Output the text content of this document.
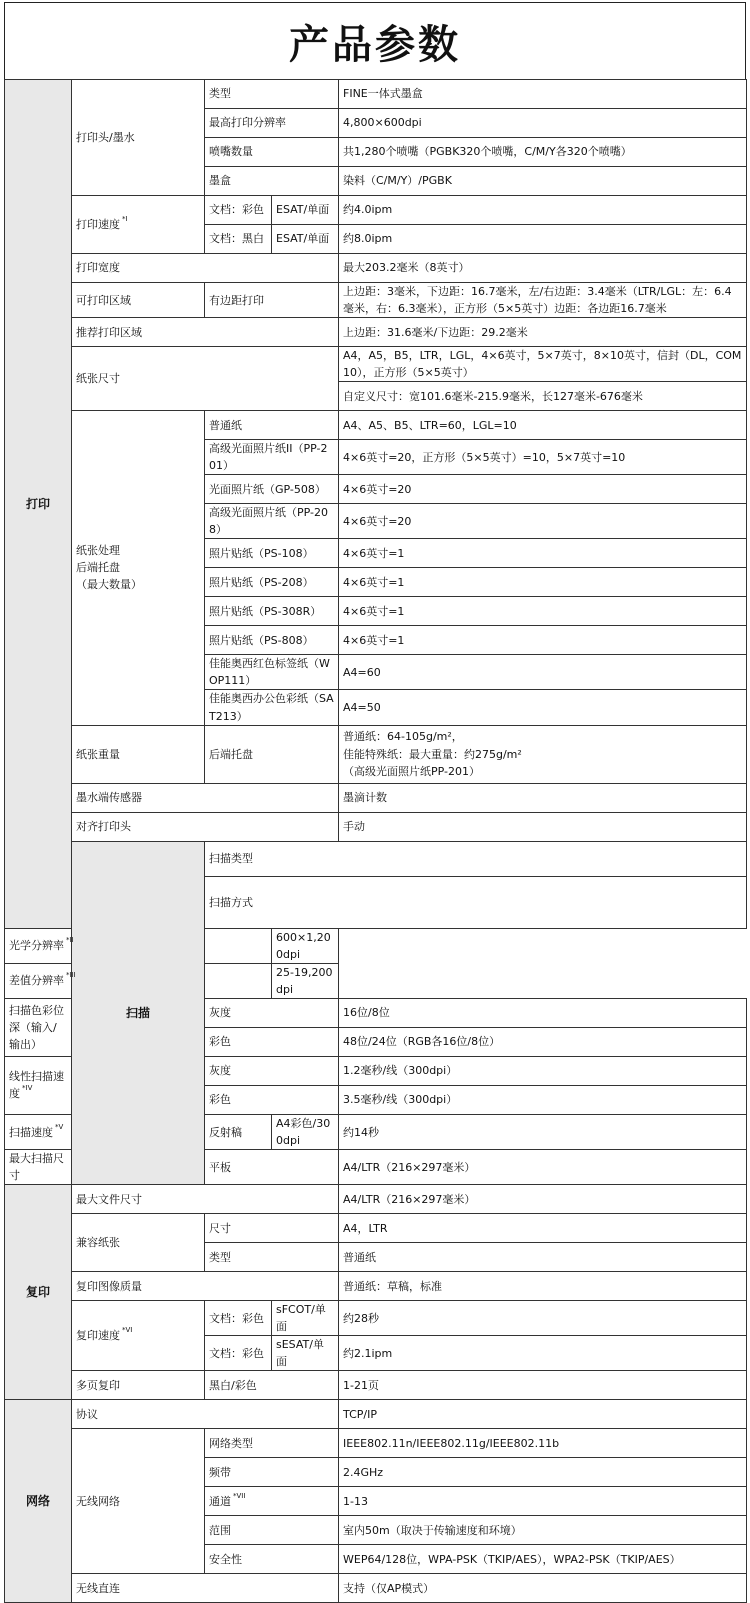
产品参数
打印	打印头/墨水	类型		FINE一体式墨盒	
		最高打印分辨率		4,800×600dpi	
		喷嘴数量		共1,280个喷嘴（PGBK320个喷嘴，C/M/Y各320个喷嘴）	
		墨盒		染料（C/M/Y）/PGBK	
	打印速度 $^{*I}$	文档：彩色	ESAT/单面	约4.0ipm	
		文档：黑白	ESAT/单面	约8.0ipm	
	打印宽度			最大203.2毫米（8英寸）	
	可打印区域	有边距打印		上边距：3毫米，下边距：16.7毫米，左/右边距：3.4毫米（LTR/LGL：左：6.4毫米，右：6.3毫米），正方形（5×5英寸）边距：各边距16.7毫米	
	推荐打印区域			上边距：31.6毫米/下边距：29.2毫米	
	纸张尺寸			A4，A5，B5，LTR，LGL，4×6英寸，5×7英寸，8×10英寸，信封（DL，COM10），正方形（5×5英寸）	
				自定义尺寸：宽101.6毫米-215.9毫米，长127毫米-676毫米	

	纸张处理
后端托盘
（最大数量）	普通纸		A4、A5、B5、LTR=60，LGL=10	
		高级光面照片纸II（PP-201）		4×6英寸=20，正方形（5×5英寸）=10，5×7英寸=10	
		光面照片纸（GP-508）		4×6英寸=20	
		高级光面照片纸（PP-208）		4×6英寸=20	
		照片贴纸（PS-108）		4×6英寸=1	
		照片贴纸（PS-208）		4×6英寸=1	
		照片贴纸（PS-308R）		4×6英寸=1	
		照片贴纸（PS-808）		4×6英寸=1	
		佳能奥西红色标签纸（WOP111）		A4=60	
		佳能奥西办公色彩纸（SAT213）		A4=50	
	纸张重量	后端托盘		普通纸：64-105g/m²，
佳能特殊纸：最大重量：约275g/m²
（高级光面照片纸PP-201）	

	墨水端传感器			墨滴计数	
	对齐打印头			手动	
	扫描	扫描类型	
		扫描方式	
光学分辨率 $^{*II}$			600×1,200dpi		
差值分辨率 $^{*III}$			25-19,200dpi		
扫描色彩位深（输入/输出）		灰度		16位/8位	
		彩色		48位/24位（RGB各16位/8位）	
线性扫描速度 $^{*IV}$		灰度		1.2毫秒/线（300dpi）	
		彩色		3.5毫秒/线（300dpi）	
扫描速度 $^{*V}$		反射稿	A4彩色/300dpi	约14秒	
最大扫描尺寸		平板		A4/LTR（216×297毫米）	
复印	最大文件尺寸			A4/LTR（216×297毫米）	
	兼容纸张	尺寸		A4，LTR	
		类型		普通纸	
	复印图像质量			普通纸：草稿，标准	
	复印速度 $^{*VI}$	文档：彩色	sFCOT/单面	约28秒	
		文档：彩色	sESAT/单面	约2.1ipm	
	多页复印	黑白/彩色		1-21页	
网络	协议			TCP/IP	
	无线网络	网络类型		IEEE802.11n/IEEE802.11g/IEEE802.11b	
		频带		2.4GHz	
		通道 $^{*VII}$		1-13	
		范围		室内50m（取决于传输速度和环境）	
		安全性		WEP64/128位，WPA-PSK（TKIP/AES），WPA2-PSK（TKIP/AES）	
	无线直连			支持（仅AP模式）	
